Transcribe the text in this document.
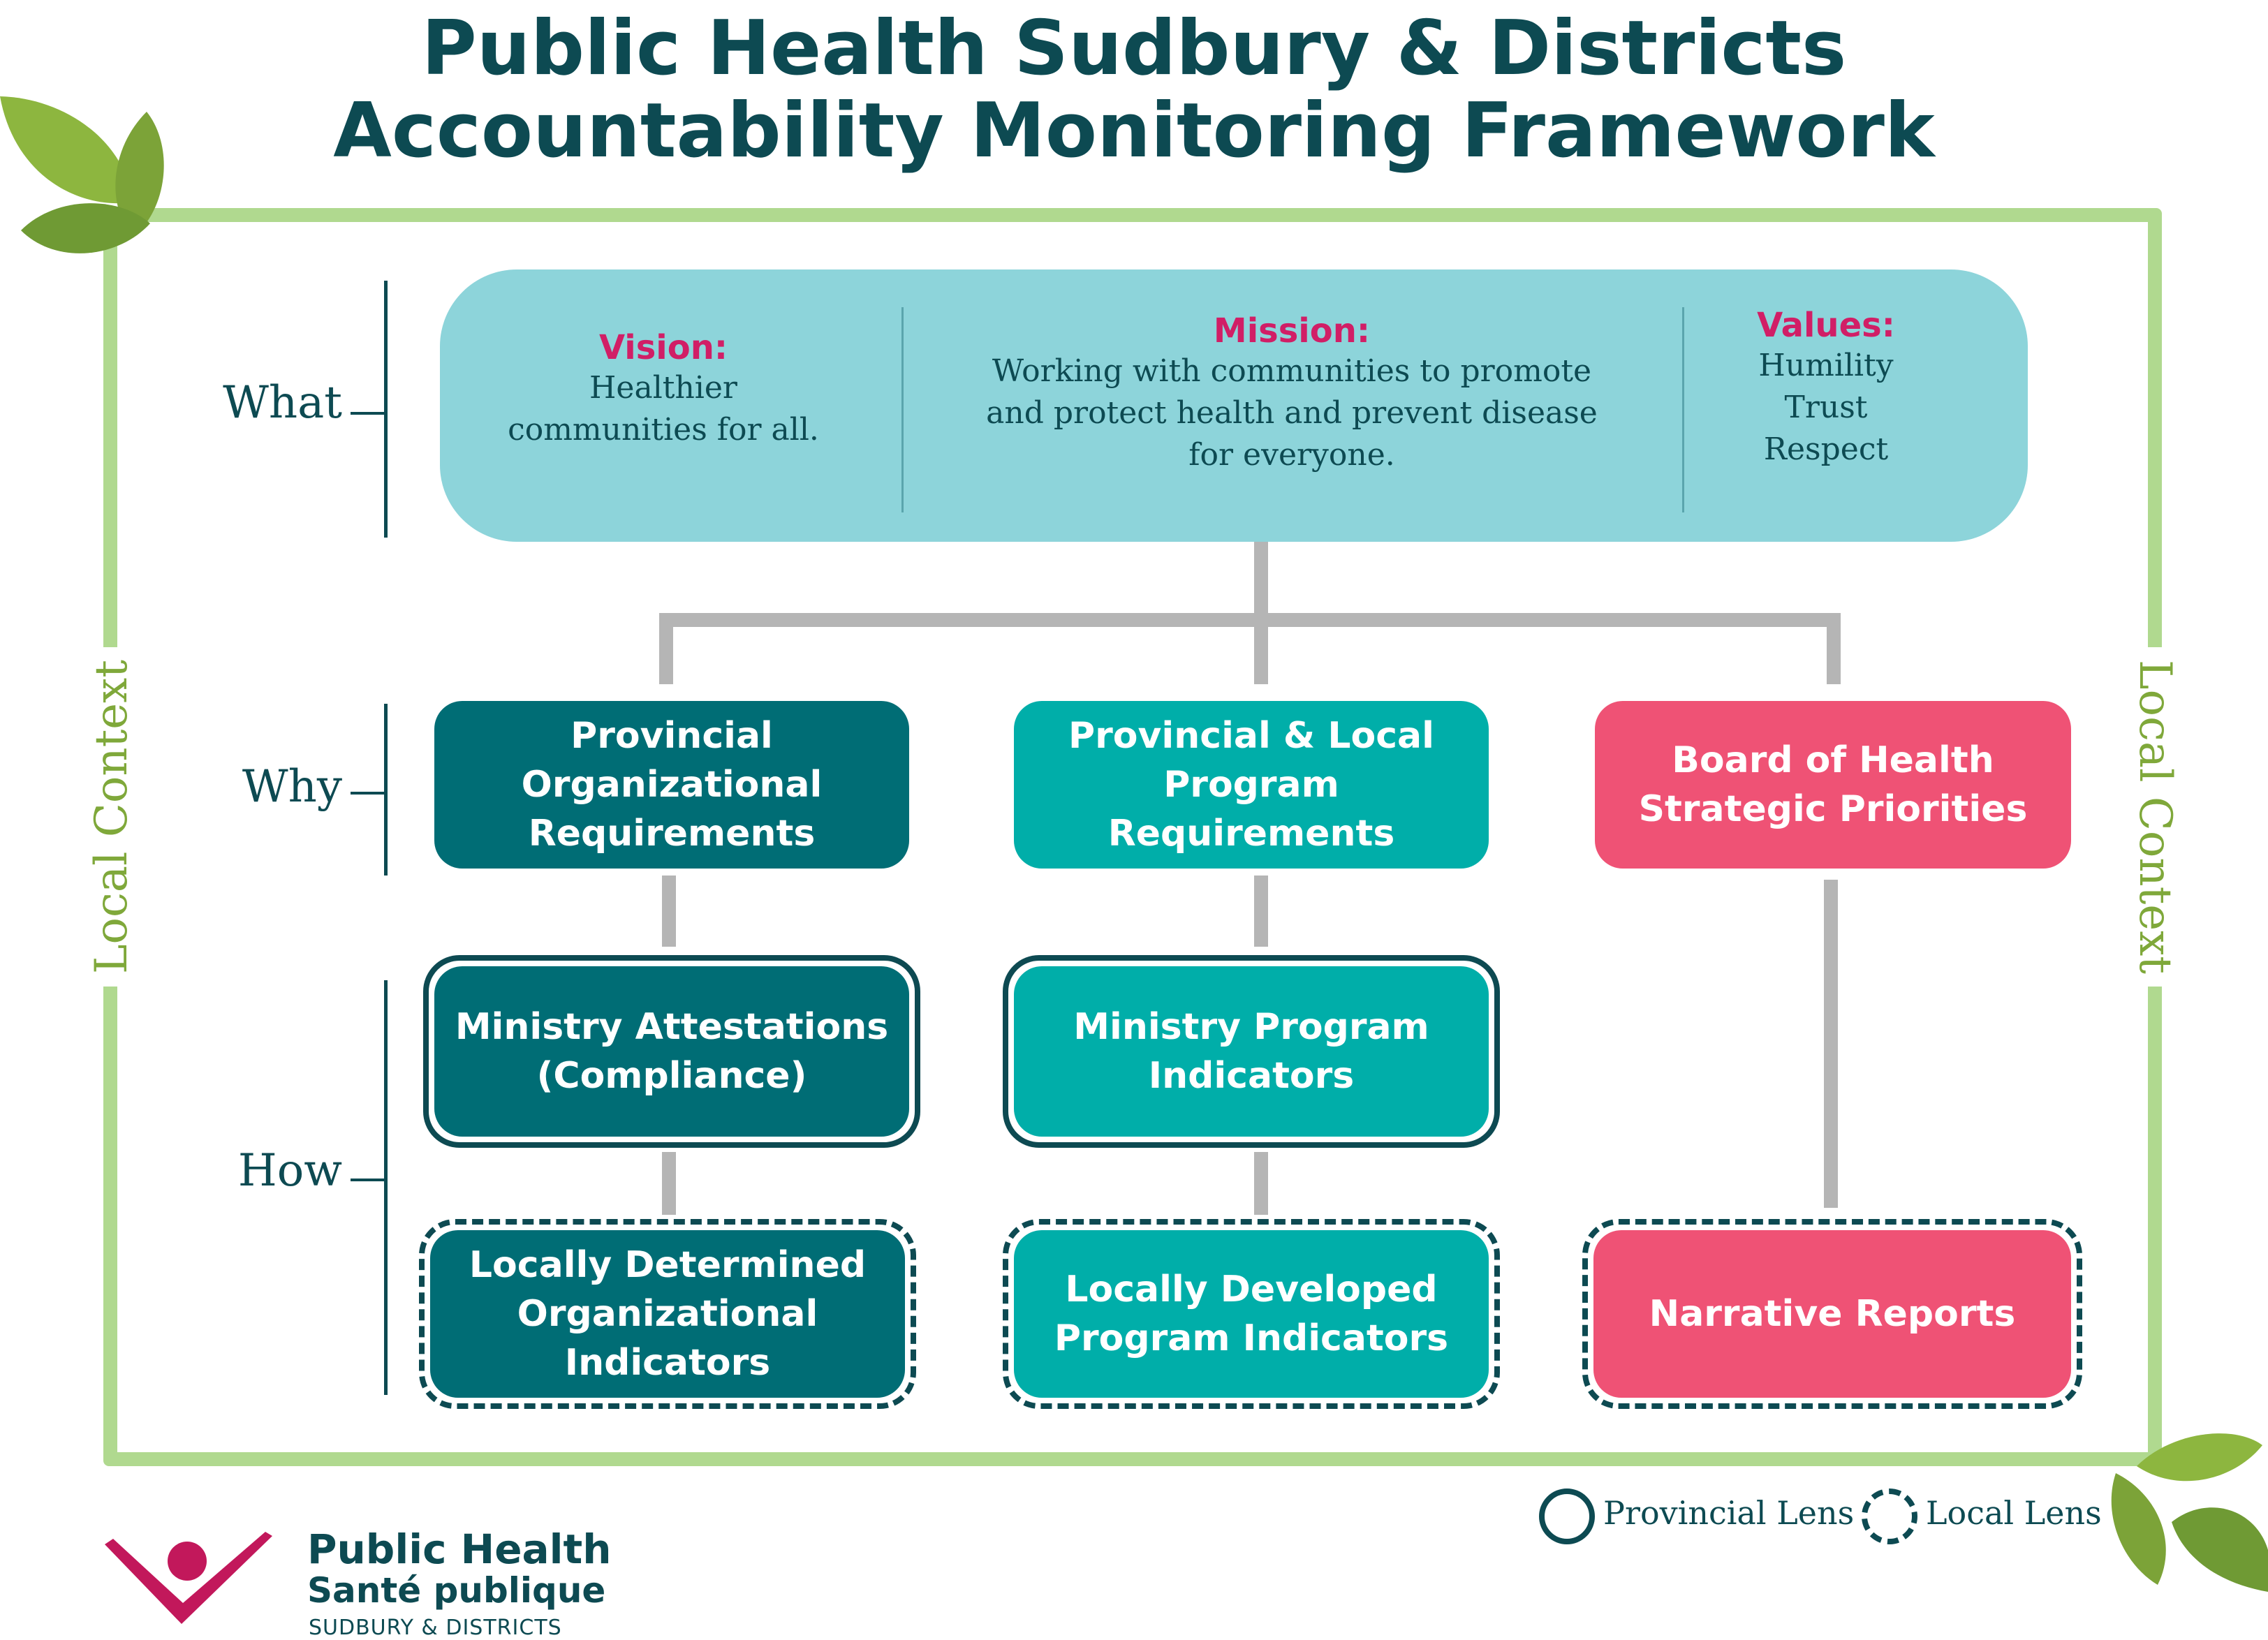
Public Health Sudbury & Districts
Accountability Monitoring Framework
Local Context	Local Context
What
Why
How
Vision:
Healthier
communities for all.
Mission:
Working with communities to promote
and protect health and prevent disease
for everyone.
Values:
Humility
Trust
Respect
Provincial
Organizational
Requirements
Provincial & Local
Program
Requirements
Board of Health
Strategic Priorities
Ministry Attestations
(Compliance)
Ministry Program
Indicators
Locally Determined
Organizational
Indicators
Locally Developed
Program Indicators
Narrative Reports
Provincial Lens Local Lens
Public Health
Santé publique
SUDBURY & DISTRICTS
